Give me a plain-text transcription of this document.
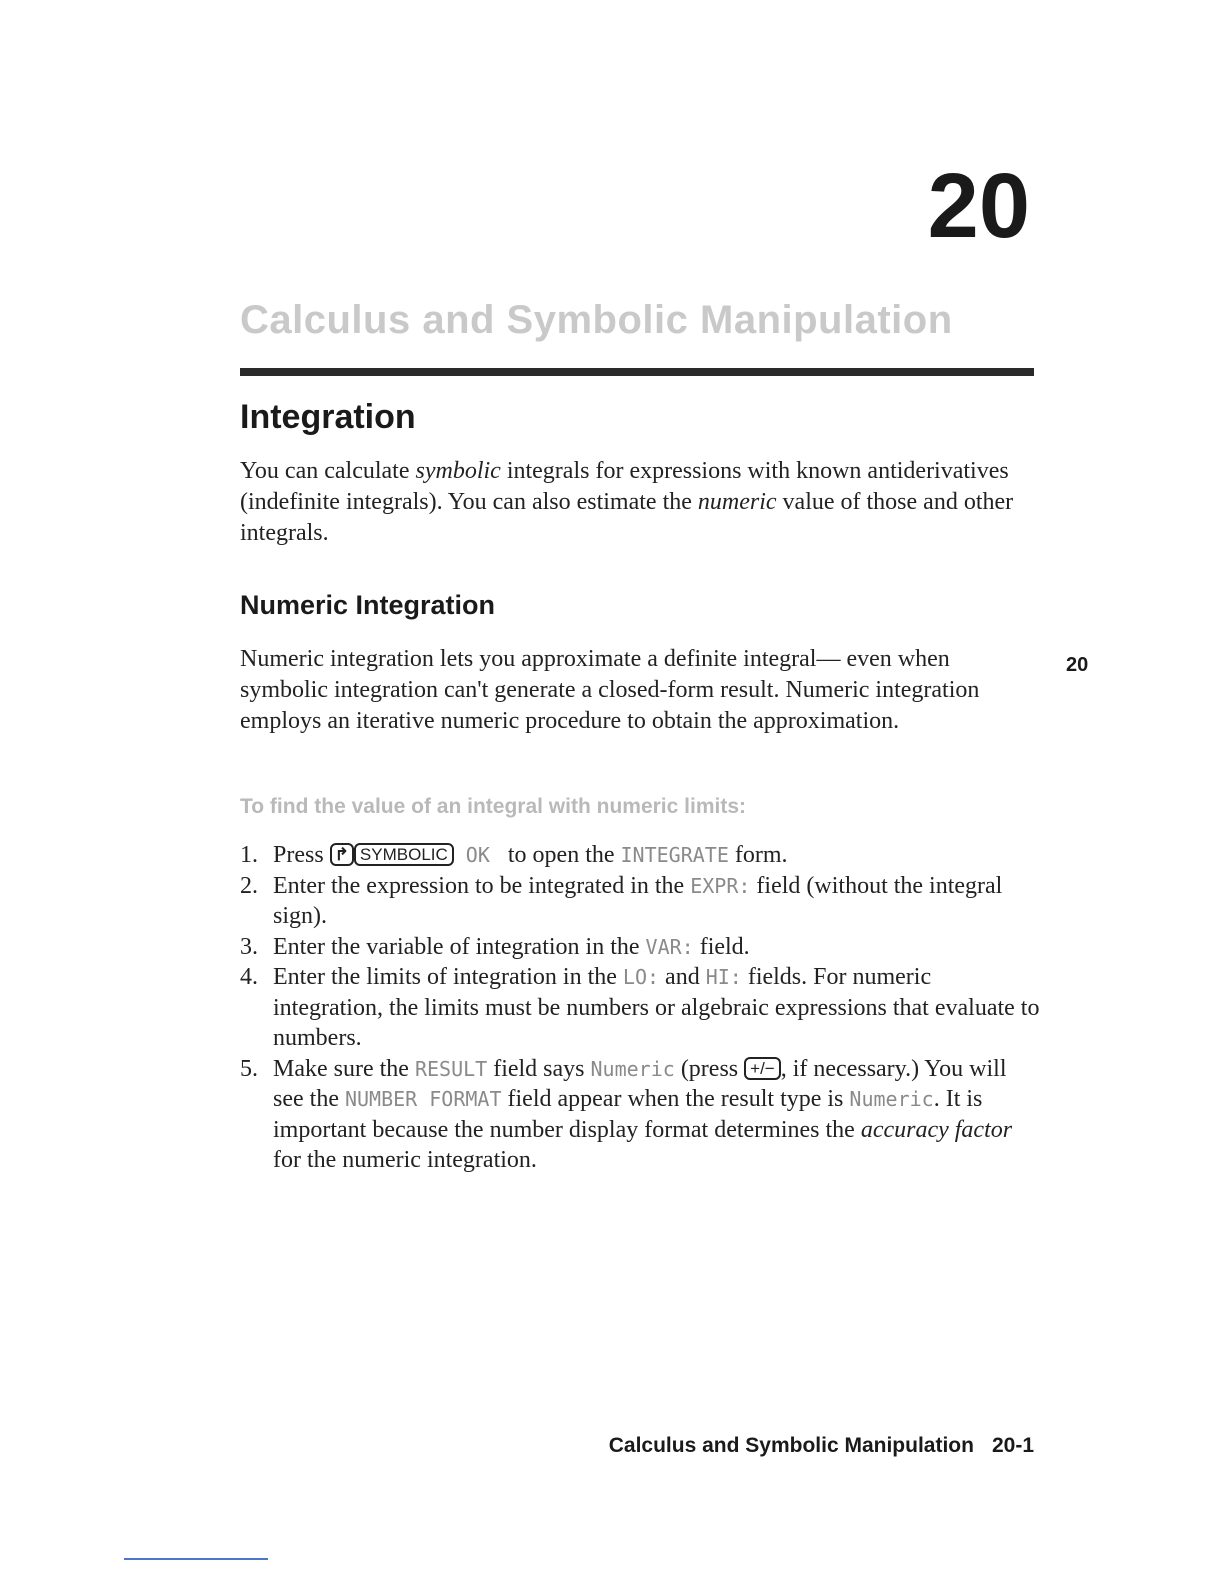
20
Calculus and Symbolic Manipulation
Integration

You can calculate symbolic integrals for expressions with known antiderivatives (indefinite integrals). You can also estimate the numeric value of those and other integrals.

Numeric Integration

Numeric integration lets you approximate a definite integral— even when symbolic integration can't generate a closed-form result. Numeric integration employs an iterative numeric procedure to obtain the approximation.

20
To find the value of an integral with numeric limits:
1. Press ↱ SYMBOLIC OK to open the INTEGRATE form.
2. Enter the expression to be integrated in the EXPR: field (without the integral sign).
3. Enter the variable of integration in the VAR: field.
4. Enter the limits of integration in the LO: and HI: fields. For numeric integration, the limits must be numbers or algebraic expressions that evaluate to numbers.
5. Make sure the RESULT field says Numeric (press +/− , if necessary.) You will see the NUMBER FORMAT field appear when the result type is Numeric. It is important because the number display format determines the accuracy factor for the numeric integration.
Calculus and Symbolic Manipulation 20-1
